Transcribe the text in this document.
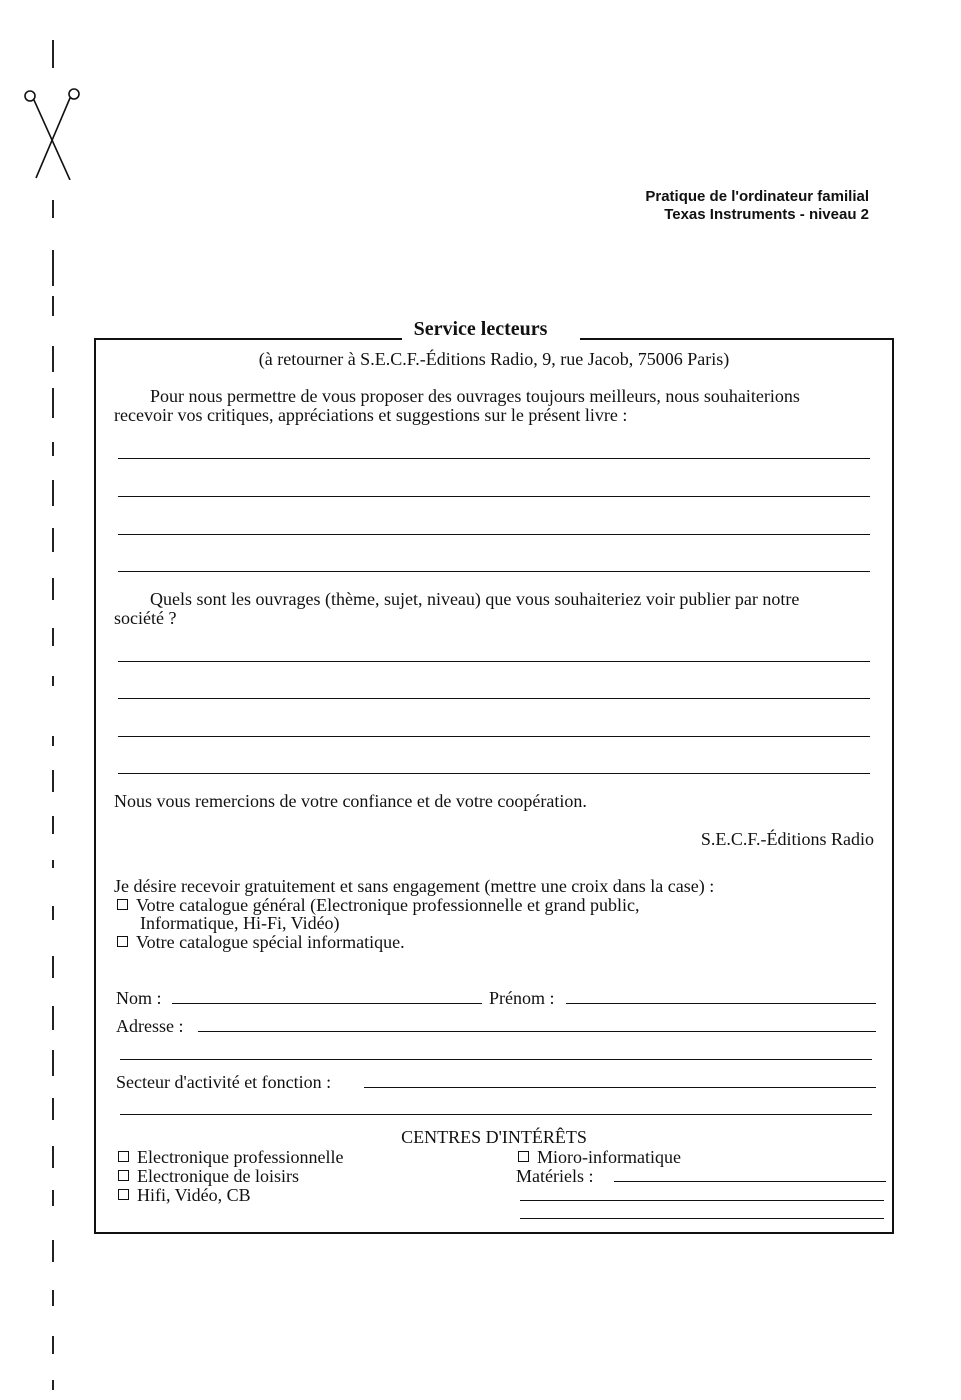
Pratique de l'ordinateur familial
Texas Instruments - niveau 2
Service lecteurs
(à retourner à S.E.C.F.-Éditions Radio, 9, rue Jacob, 75006 Paris)
Pour nous permettre de vous proposer des ouvrages toujours meilleurs, nous souhaiterions
recevoir vos critiques, appréciations et suggestions sur le présent livre :
Quels sont les ouvrages (thème, sujet, niveau) que vous souhaiteriez voir publier par notre
société ?
Nous vous remercions de votre confiance et de votre coopération.
S.E.C.F.-Éditions Radio
Je désire recevoir gratuitement et sans engagement (mettre une croix dans la case) :
Votre catalogue général (Electronique professionnelle et grand public,
Informatique, Hi-Fi, Vidéo)
Votre catalogue spécial informatique.
Nom :	Prénom :
Adresse :
Secteur d'activité et fonction :
CENTRES D'INTÉRÊTS
Electronique professionnelle
Electronique de loisirs
Hifi, Vidéo, CB
Mioro-informatique
Matériels :
